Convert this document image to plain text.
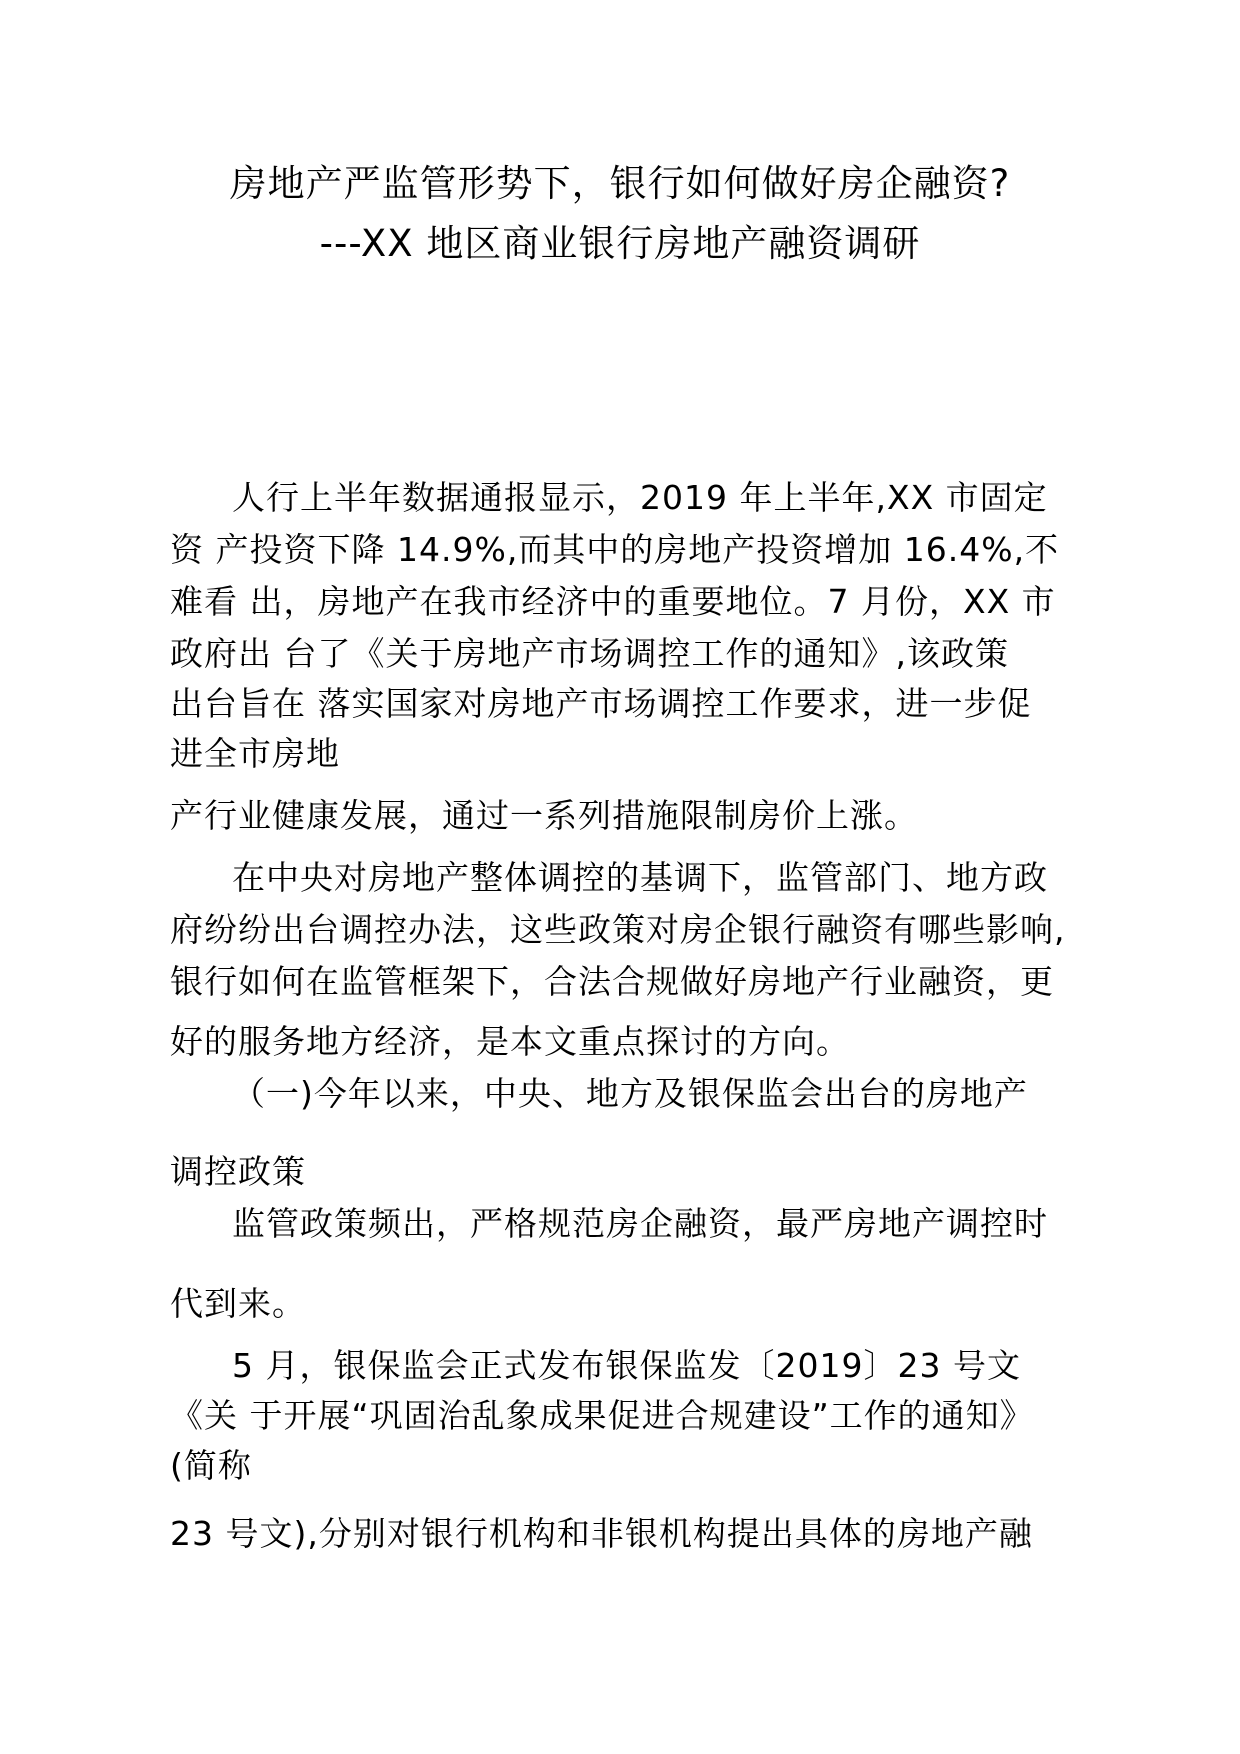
房地产严监管形势下，银行如何做好房企融资?
---XX 地区商业银行房地产融资调研
人行上半年数据通报显示，2019 年上半年,XX 市固定
资 产投资下降 14.9%,而其中的房地产投资增加 16.4%,不
难看 出，房地产在我市经济中的重要地位。7 月份，XX 市
政府出 台了《关于房地产市场调控工作的通知》,该政策
出台旨在 落实国家对房地产市场调控工作要求，进一步促
进全市房地
产行业健康发展，通过一系列措施限制房价上涨。
在中央对房地产整体调控的基调下，监管部门、地方政
府纷纷出台调控办法，这些政策对房企银行融资有哪些影响,
银行如何在监管框架下，合法合规做好房地产行业融资，更
好的服务地方经济，是本文重点探讨的方向。
（一)今年以来，中央、地方及银保监会出台的房地产
调控政策
监管政策频出，严格规范房企融资，最严房地产调控时
代到来。
5 月，银保监会正式发布银保监发〔2019〕23 号文
《关 于开展“巩固治乱象成果促进合规建设”工作的通知》
(简称
23 号文),分别对银行机构和非银机构提出具体的房地产融
